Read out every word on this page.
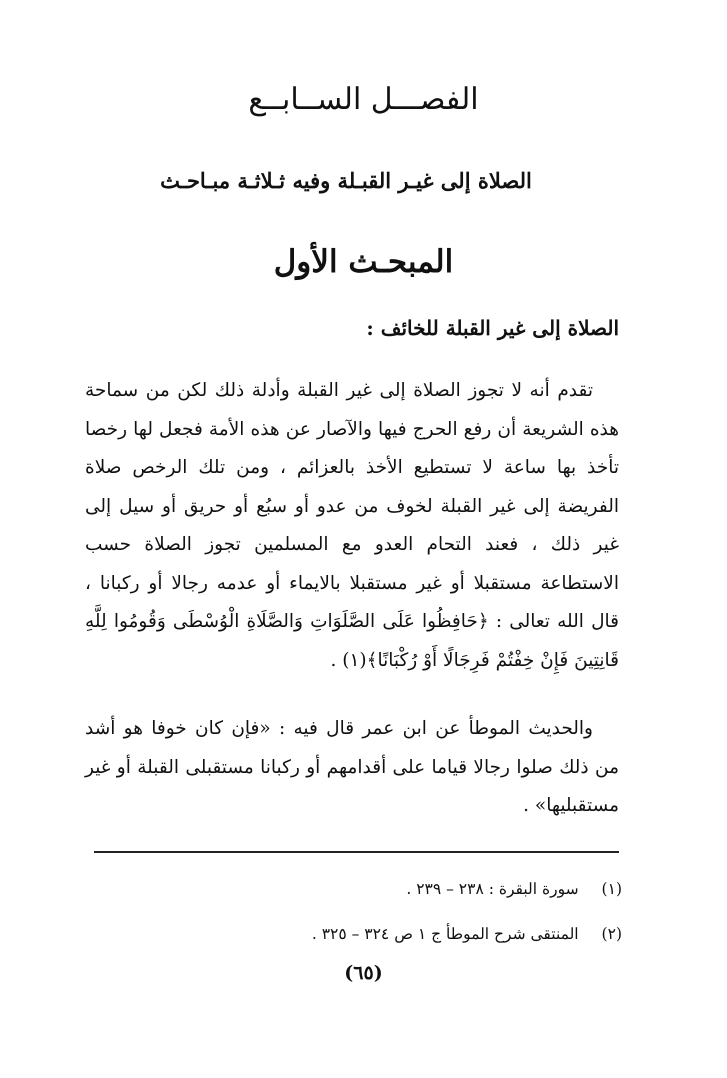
الفصـــل الســابــع
الصلاة إلى غيـر القبـلة وفيه ثـلاثـة مبـاحـث
المبحـث الأول
الصلاة إلى غير القبلة للخائف :

تقدم أنه لا تجوز الصلاة إلى غير القبلة وأدلة ذلك لكن من سماحة هذه الشريعة أن رفع الحرج فيها والآصار عن هذه الأمة فجعل لها رخصا تأخذ بها ساعة لا تستطيع الأخذ بالعزائم ، ومن تلك الرخص صلاة الفريضة إلى غير القبلة لخوف من عدو أو سبُع أو حريق أو سيل إلى غير ذلك ، فعند التحام العدو مع المسلمين تجوز الصلاة حسب الاستطاعة مستقبلا أو غير مستقبلا بالايماء أو عدمه رجالا أو ركبانا ، قال الله تعالى : ﴿حَافِظُوا عَلَى الصَّلَوَاتِ وَالصَّلَاةِ الْوُسْطَى وَقُومُوا لِلَّهِ قَانِتِينَ فَإِنْ خِفْتُمْ فَرِجَالًا أَوْ رُكْبَانًا﴾(١) .

والحديث الموطأ عن ابن عمر قال فيه : «فإن كان خوفا هو أشد من ذلك صلوا رجالا قياما على أقدامهم أو ركبانا مستقبلى القبلة أو غير مستقبليها» .

(١) سورة البقرة : ٢٣٨ – ٢٣٩ .

(٢) المنتقى شرح الموطأ ج ١ ص ٣٢٤ – ٣٢٥ .

(٦٥)
